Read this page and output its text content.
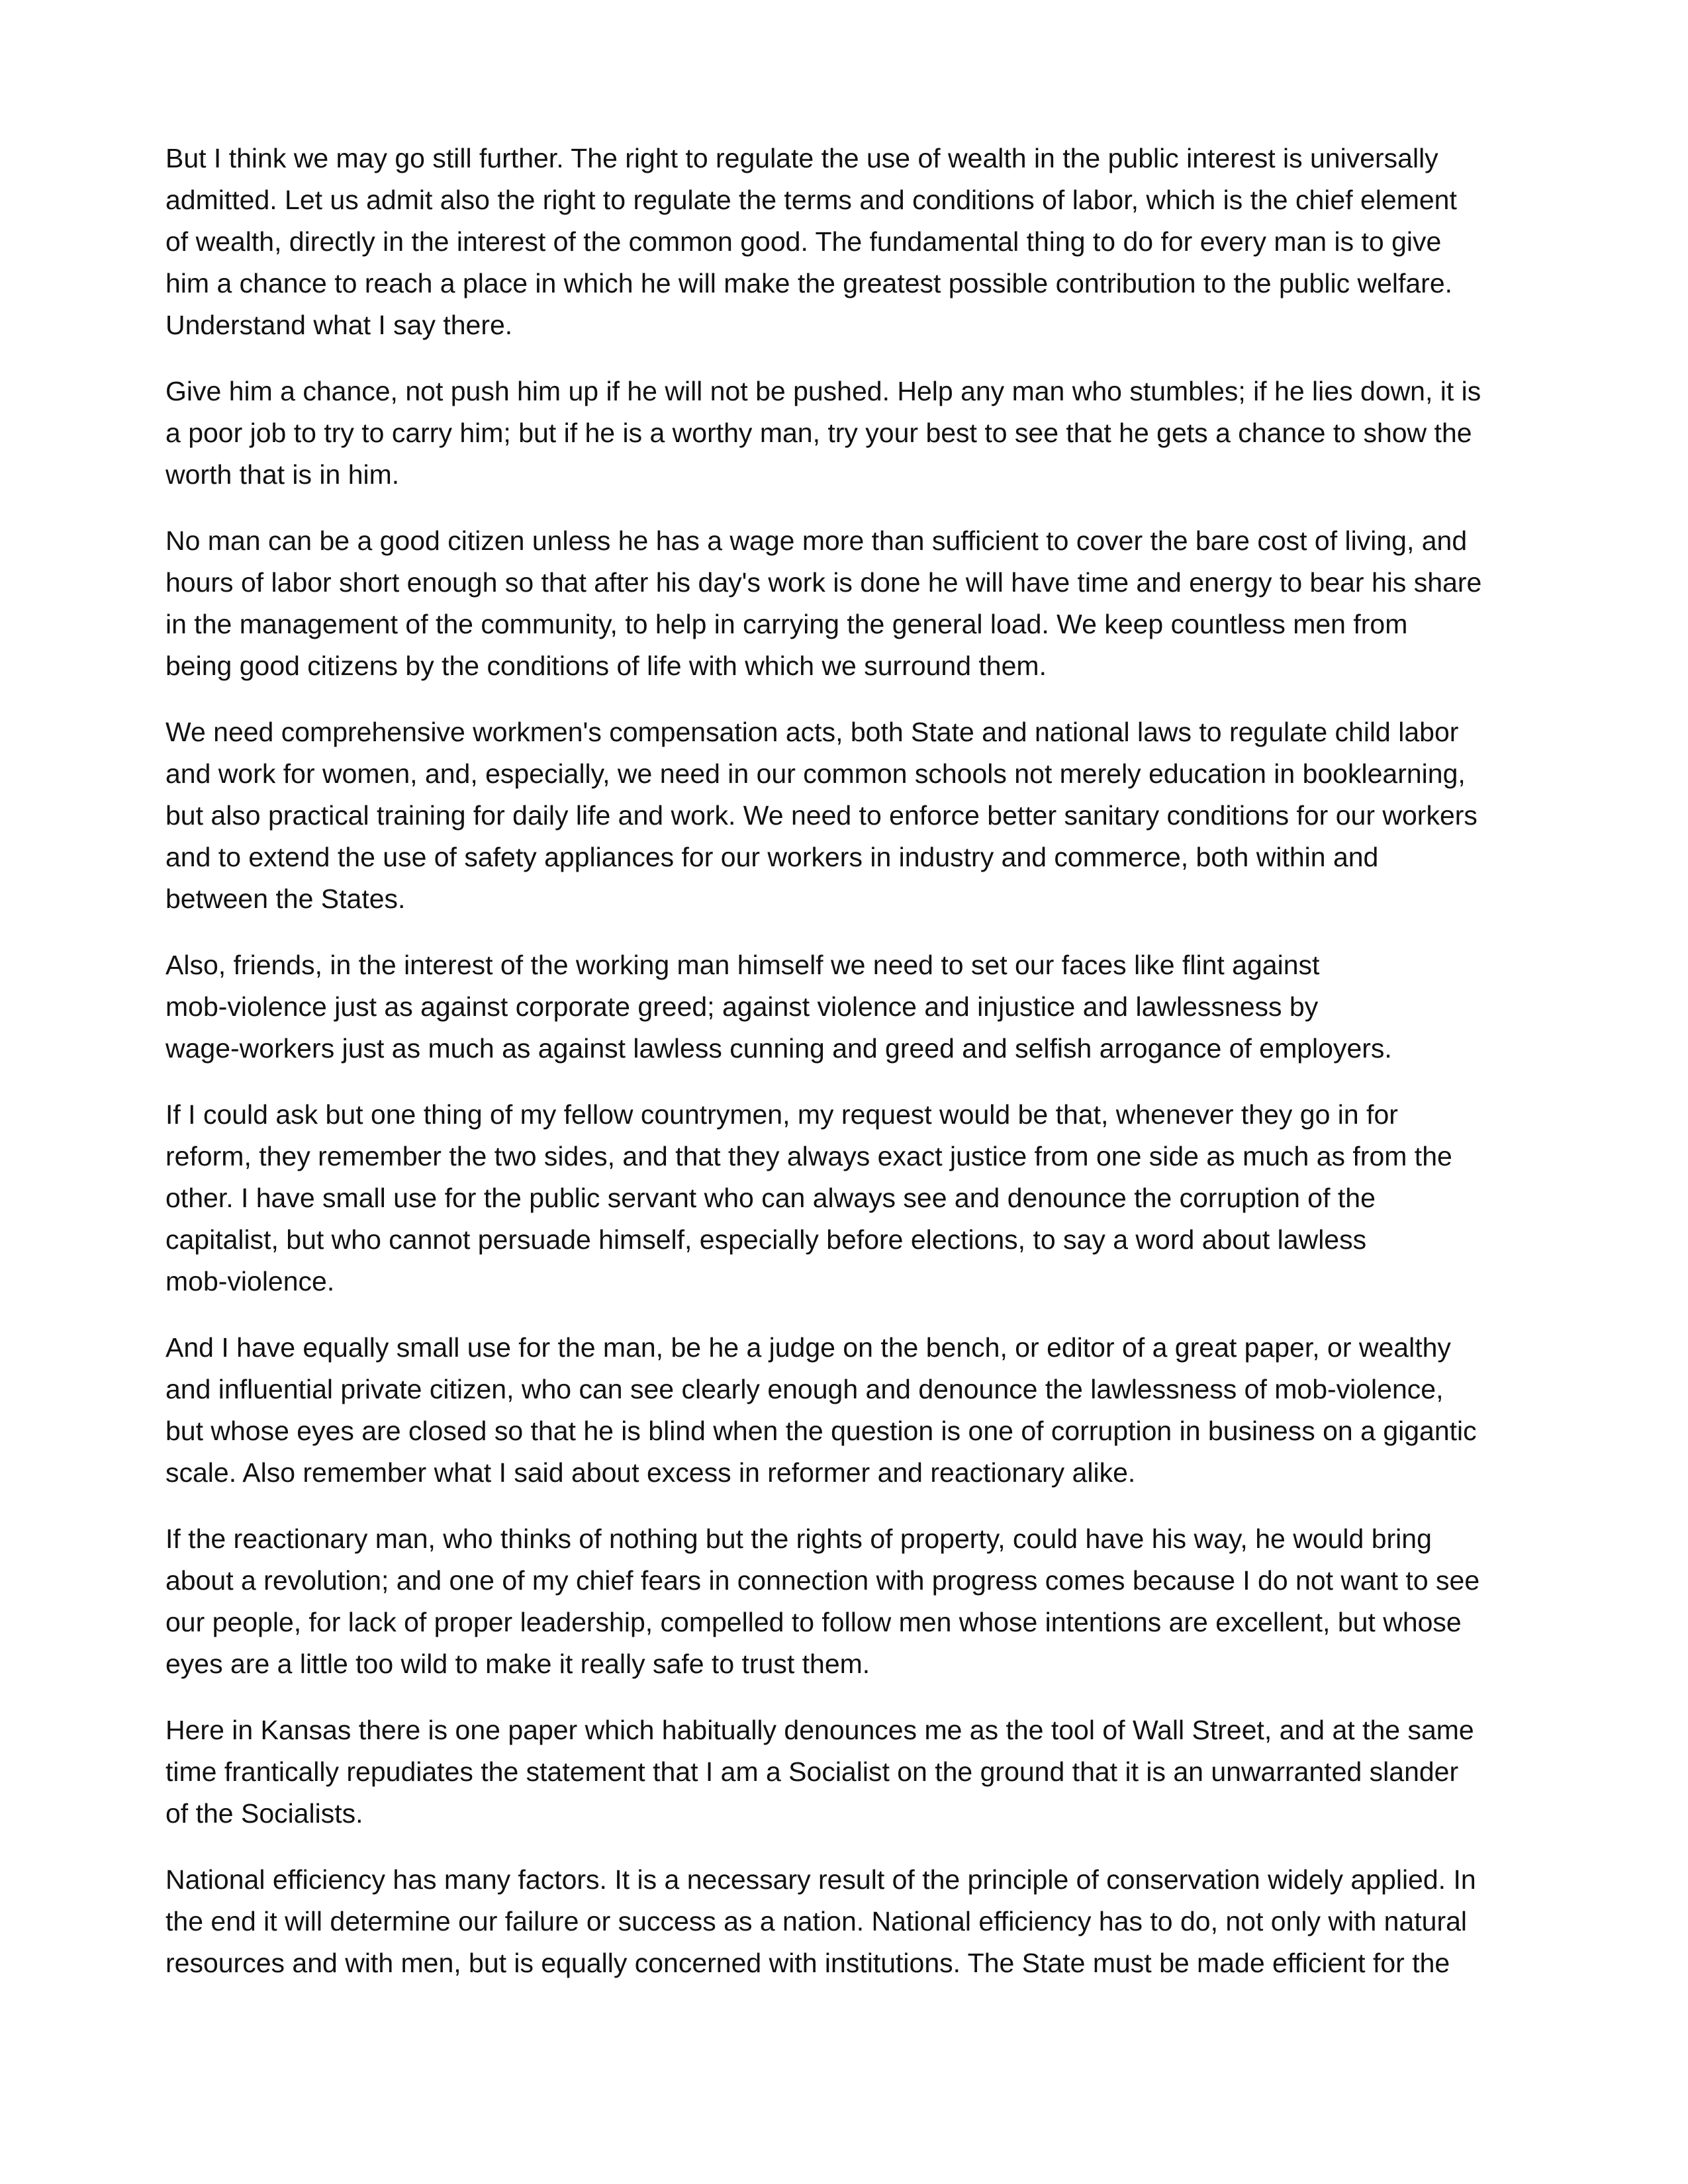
But I think we may go still further. The right to regulate the use of wealth in the public interest is universally
admitted. Let us admit also the right to regulate the terms and conditions of labor, which is the chief element
of wealth, directly in the interest of the common good. The fundamental thing to do for every man is to give
him a chance to reach a place in which he will make the greatest possible contribution to the public welfare.
Understand what I say there.
Give him a chance, not push him up if he will not be pushed. Help any man who stumbles; if he lies down, it is
a poor job to try to carry him; but if he is a worthy man, try your best to see that he gets a chance to show the
worth that is in him.
No man can be a good citizen unless he has a wage more than sufficient to cover the bare cost of living, and
hours of labor short enough so that after his day's work is done he will have time and energy to bear his share
in the management of the community, to help in carrying the general load. We keep countless men from
being good citizens by the conditions of life with which we surround them.
We need comprehensive workmen's compensation acts, both State and national laws to regulate child labor
and work for women, and, especially, we need in our common schools not merely education in booklearning,
but also practical training for daily life and work. We need to enforce better sanitary conditions for our workers
and to extend the use of safety appliances for our workers in industry and commerce, both within and
between the States.
Also, friends, in the interest of the working man himself we need to set our faces like flint against
mob-violence just as against corporate greed; against violence and injustice and lawlessness by
wage-workers just as much as against lawless cunning and greed and selfish arrogance of employers.
If I could ask but one thing of my fellow countrymen, my request would be that, whenever they go in for
reform, they remember the two sides, and that they always exact justice from one side as much as from the
other. I have small use for the public servant who can always see and denounce the corruption of the
capitalist, but who cannot persuade himself, especially before elections, to say a word about lawless
mob-violence.
And I have equally small use for the man, be he a judge on the bench, or editor of a great paper, or wealthy
and influential private citizen, who can see clearly enough and denounce the lawlessness of mob-violence,
but whose eyes are closed so that he is blind when the question is one of corruption in business on a gigantic
scale. Also remember what I said about excess in reformer and reactionary alike.
If the reactionary man, who thinks of nothing but the rights of property, could have his way, he would bring
about a revolution; and one of my chief fears in connection with progress comes because I do not want to see
our people, for lack of proper leadership, compelled to follow men whose intentions are excellent, but whose
eyes are a little too wild to make it really safe to trust them.
Here in Kansas there is one paper which habitually denounces me as the tool of Wall Street, and at the same
time frantically repudiates the statement that I am a Socialist on the ground that it is an unwarranted slander
of the Socialists.
National efficiency has many factors. It is a necessary result of the principle of conservation widely applied. In
the end it will determine our failure or success as a nation. National efficiency has to do, not only with natural
resources and with men, but is equally concerned with institutions. The State must be made efficient for the
